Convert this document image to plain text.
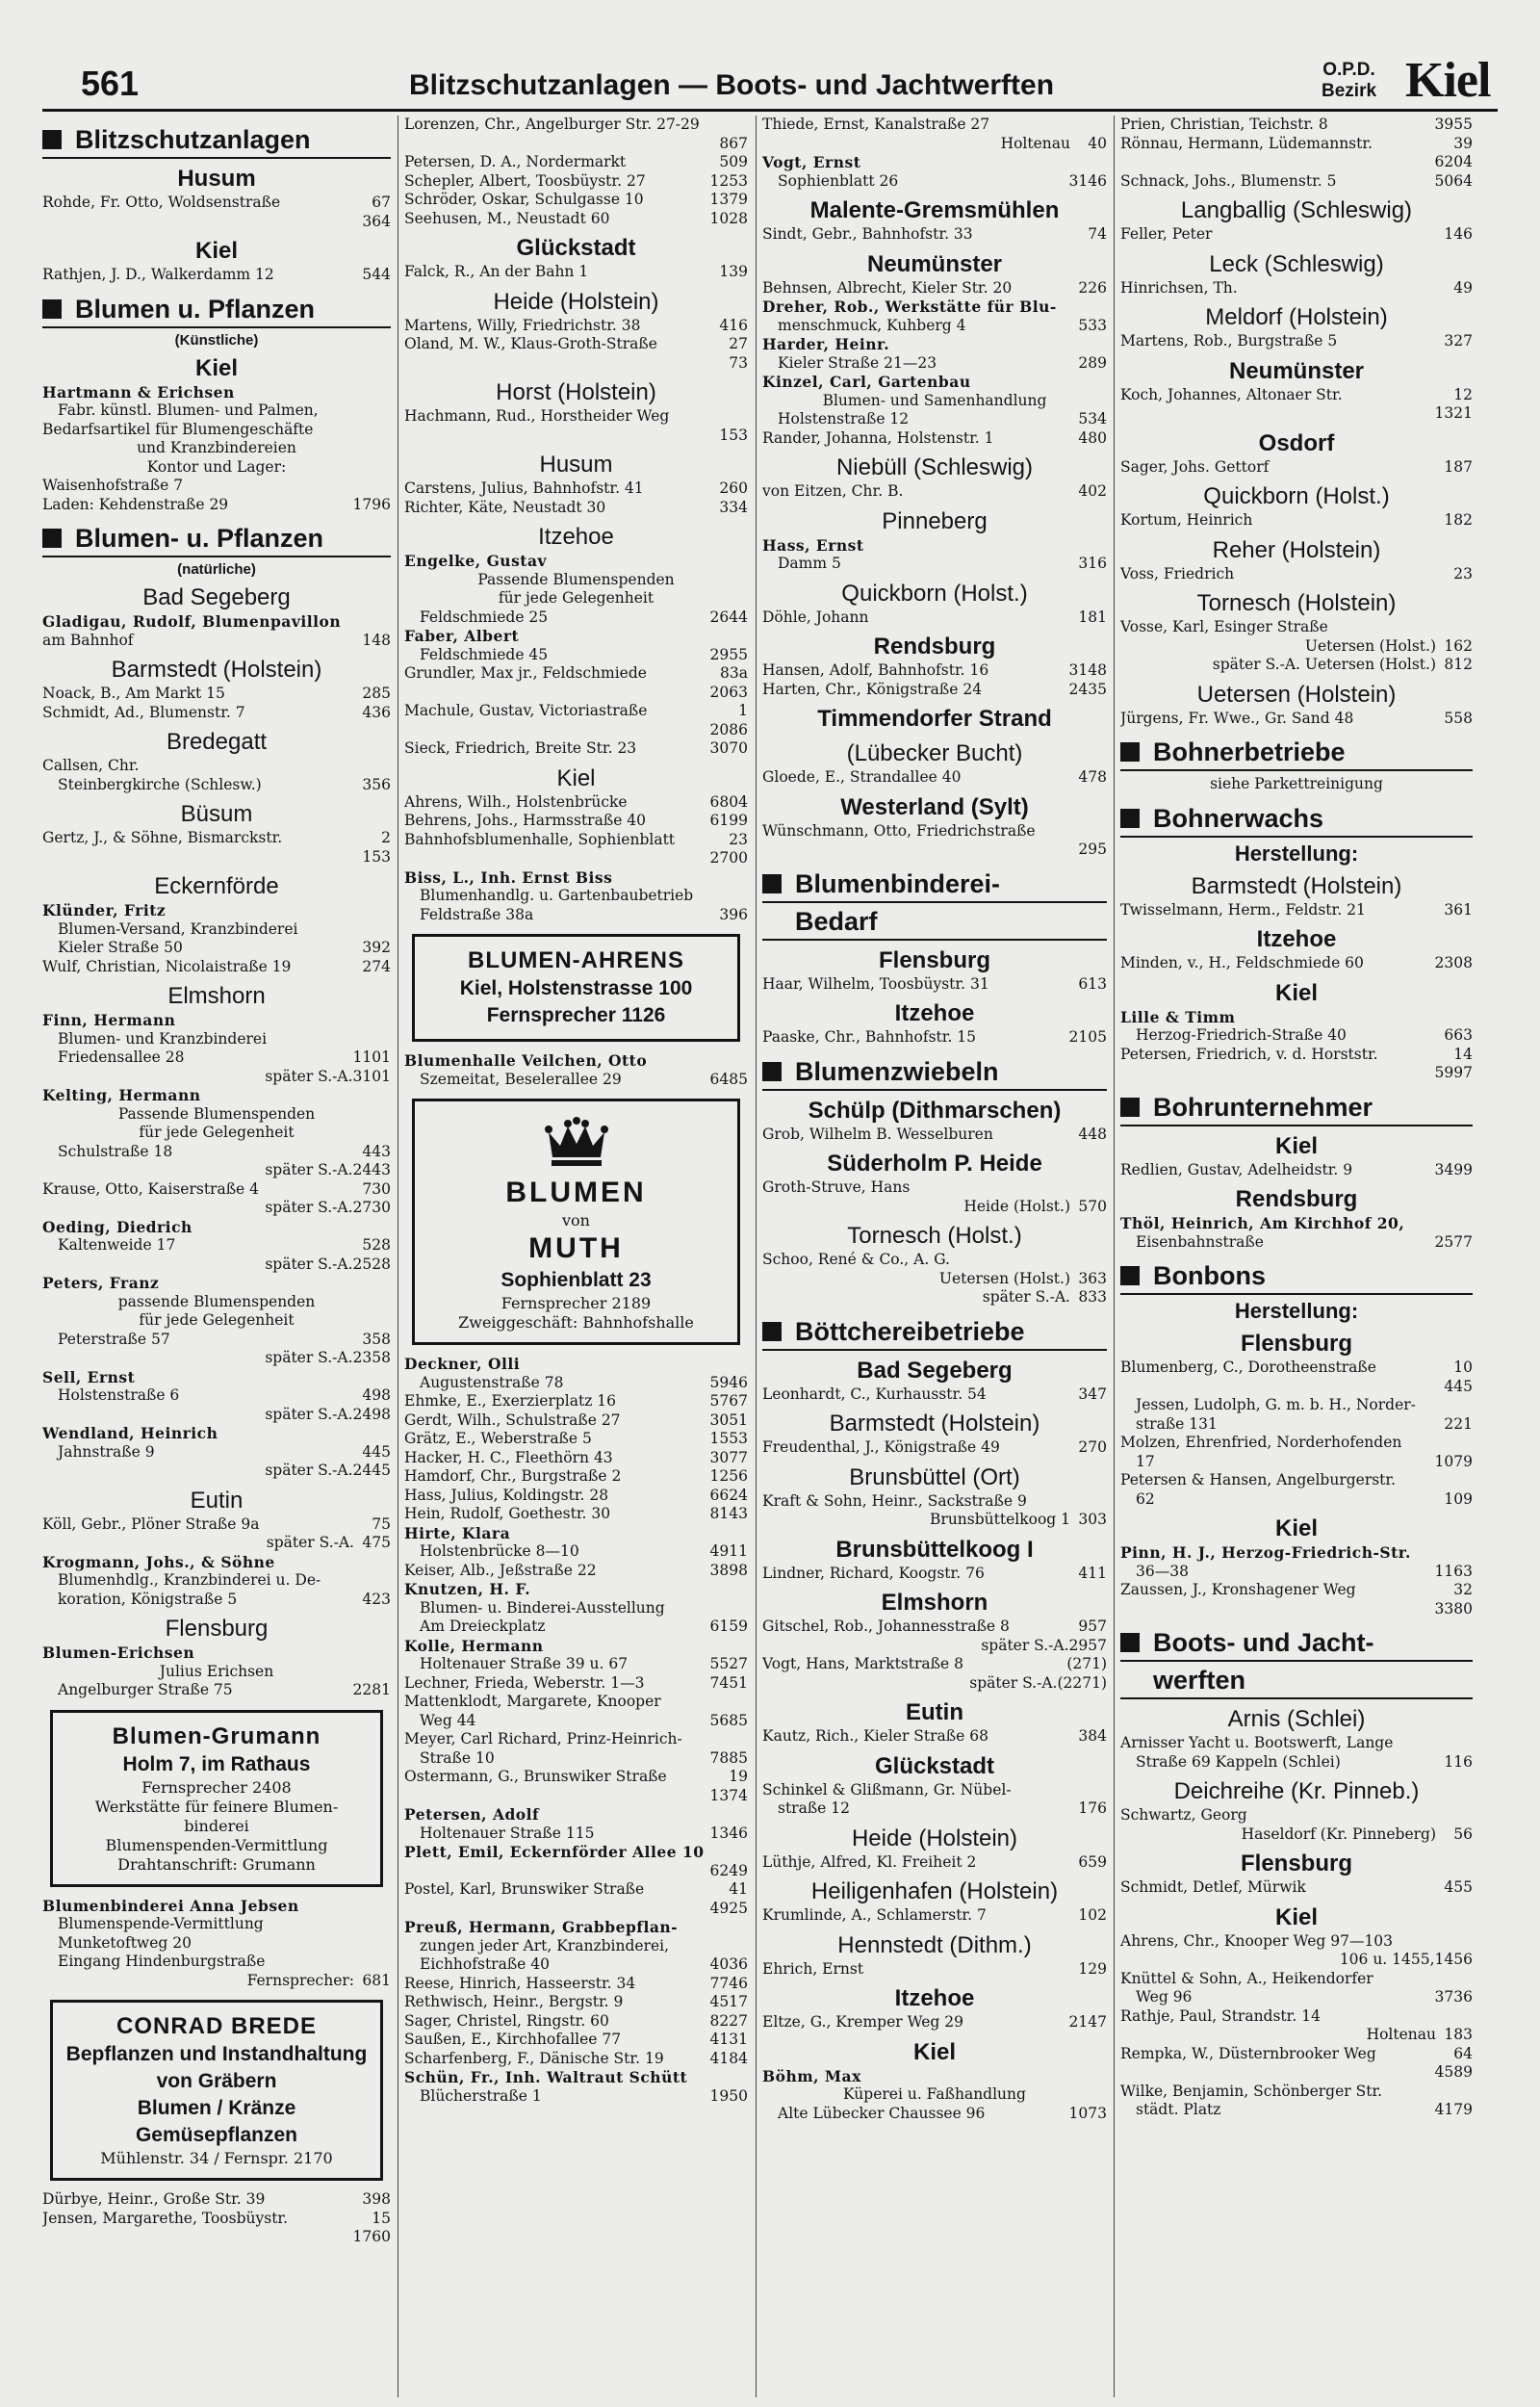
561	Blitzschutzanlagen — Boots- und Jachtwerften	O.P.D.
Bezirk Kiel
Blitzschutzanlagen
Husum
67
Rohde, Fr. Otto, Woldsenstraße
364
Kiel
544
Rathjen, J. D., Walkerdamm 12
Blumen u. Pflanzen
(Künstliche)
Kiel
Hartmann & Erichsen
Fabr. künstl. Blumen- und Palmen,
Bedarfsartikel für Blumengeschäfte
und Kranzbindereien
Kontor und Lager:
Waisenhofstraße 7
1796
Laden: Kehdenstraße 29
Blumen- u. Pflanzen
(natürliche)
Bad Segeberg
Gladigau, Rudolf, Blumenpavillon
148
am Bahnhof
Barmstedt (Holstein)
285
Noack, B., Am Markt 15
436
Schmidt, Ad., Blumenstr. 7
Bredegatt
Callsen, Chr.
356
Steinbergkirche (Schlesw.)
Büsum
2
Gertz, J., & Söhne, Bismarckstr.
153
Eckernförde
Klünder, Fritz
Blumen-Versand, Kranzbinderei
392
Kieler Straße 50
274
Wulf, Christian, Nicolaistraße 19
Elmshorn
Finn, Hermann
Blumen- und Kranzbinderei
1101
Friedensallee 28
3101
später S.-A.
Kelting, Hermann
Passende Blumenspenden
für jede Gelegenheit
443
Schulstraße 18
2443
später S.-A.
730
Krause, Otto, Kaiserstraße 4
2730
später S.-A.
Oeding, Diedrich
528
Kaltenweide 17
2528
später S.-A.
Peters, Franz
passende Blumenspenden
für jede Gelegenheit
358
Peterstraße 57
2358
später S.-A.
Sell, Ernst
498
Holstenstraße 6
2498
später S.-A.
Wendland, Heinrich
445
Jahnstraße 9
2445
später S.-A.
Eutin
75
Köll, Gebr., Plöner Straße 9a
475
später S.-A.
Krogmann, Johs., & Söhne
Blumenhdlg., Kranzbinderei u. De-
423
koration, Königstraße 5
Flensburg
Blumen-Erichsen
Julius Erichsen
2281
Angelburger Straße 75
Blumen-Grumann
Holm 7, im Rathaus
Fernsprecher 2408
Werkstätte für feinere Blumen-
binderei
Blumenspenden-Vermittlung
Drahtanschrift: Grumann
Blumenbinderei Anna Jebsen
Blumenspende-Vermittlung
Munketoftweg 20
Eingang Hindenburgstraße
681
Fernsprecher:
CONRAD BREDE
Bepflanzen und Instandhaltung
von Gräbern
Blumen / Kränze
Gemüsepflanzen
Mühlenstr. 34 / Fernspr. 2170
398
Dürbye, Heinr., Große Str. 39
15
Jensen, Margarethe, Toosbüystr.
1760
Lorenzen, Chr., Angelburger Str. 27-29
867
509
Petersen, D. A., Nordermarkt
1253
Schepler, Albert, Toosbüystr. 27
1379
Schröder, Oskar, Schulgasse 10
1028
Seehusen, M., Neustadt 60
Glückstadt
139
Falck, R., An der Bahn 1
Heide (Holstein)
416
Martens, Willy, Friedrichstr. 38
27
Oland, M. W., Klaus-Groth-Straße
73
Horst (Holstein)
Hachmann, Rud., Horstheider Weg
153
Husum
260
Carstens, Julius, Bahnhofstr. 41
334
Richter, Käte, Neustadt 30
Itzehoe
Engelke, Gustav
Passende Blumenspenden
für jede Gelegenheit
2644
Feldschmiede 25
Faber, Albert
2955
Feldschmiede 45
83a
Grundler, Max jr., Feldschmiede
2063
1
Machule, Gustav, Victoriastraße
2086
3070
Sieck, Friedrich, Breite Str. 23
Kiel
6804
Ahrens, Wilh., Holstenbrücke
6199
Behrens, Johs., Harmsstraße 40
23
Bahnhofsblumenhalle, Sophienblatt
2700
Biss, L., Inh. Ernst Biss
Blumenhandlg. u. Gartenbaubetrieb
396
Feldstraße 38a
BLUMEN-AHRENS
Kiel, Holstenstrasse 100
Fernsprecher 1126
Blumenhalle Veilchen, Otto
6485
Szemeitat, Beselerallee 29
BLUMEN
von
MUTH
Sophienblatt 23
Fernsprecher 2189
Zweiggeschäft: Bahnhofshalle
Deckner, Olli
5946
Augustenstraße 78
5767
Ehmke, E., Exerzierplatz 16
3051
Gerdt, Wilh., Schulstraße 27
1553
Grätz, E., Weberstraße 5
3077
Hacker, H. C., Fleethörn 43
1256
Hamdorf, Chr., Burgstraße 2
6624
Hass, Julius, Koldingstr. 28
8143
Hein, Rudolf, Goethestr. 30
Hirte, Klara
4911
Holstenbrücke 8—10
3898
Keiser, Alb., Jeßstraße 22
Knutzen, H. F.
Blumen- u. Binderei-Ausstellung
6159
Am Dreieckplatz
Kolle, Hermann
5527
Holtenauer Straße 39 u. 67
7451
Lechner, Frieda, Weberstr. 1—3
Mattenklodt, Margarete, Knooper
5685
Weg 44
Meyer, Carl Richard, Prinz-Heinrich-
7885
Straße 10
19
Ostermann, G., Brunswiker Straße
1374
Petersen, Adolf
1346
Holtenauer Straße 115
Plett, Emil, Eckernförder Allee 10
6249
41
Postel, Karl, Brunswiker Straße
4925
Preuß, Hermann, Grabbepflan-
zungen jeder Art, Kranzbinderei,
4036
Eichhofstraße 40
7746
Reese, Hinrich, Hasseerstr. 34
4517
Rethwisch, Heinr., Bergstr. 9
8227
Sager, Christel, Ringstr. 60
4131
Saußen, E., Kirchhofallee 77
4184
Scharfenberg, F., Dänische Str. 19
Schün, Fr., Inh. Waltraut Schütt
1950
Blücherstraße 1
Thiede, Ernst, Kanalstraße 27
40
Holtenau
Vogt, Ernst
3146
Sophienblatt 26
Malente-Gremsmühlen
74
Sindt, Gebr., Bahnhofstr. 33
Neumünster
226
Behnsen, Albrecht, Kieler Str. 20
Dreher, Rob., Werkstätte für Blu-
533
menschmuck, Kuhberg 4
Harder, Heinr.
289
Kieler Straße 21—23
Kinzel, Carl, Gartenbau
Blumen- und Samenhandlung
534
Holstenstraße 12
480
Rander, Johanna, Holstenstr. 1
Niebüll (Schleswig)
402
von Eitzen, Chr. B.
Pinneberg
Hass, Ernst
316
Damm 5
Quickborn (Holst.)
181
Döhle, Johann
Rendsburg
3148
Hansen, Adolf, Bahnhofstr. 16
2435
Harten, Chr., Königstraße 24
Timmendorfer Strand
(Lübecker Bucht)
478
Gloede, E., Strandallee 40
Westerland (Sylt)
Wünschmann, Otto, Friedrichstraße
295
Blumenbinderei-
Bedarf
Flensburg
613
Haar, Wilhelm, Toosbüystr. 31
Itzehoe
2105
Paaske, Chr., Bahnhofstr. 15
Blumenzwiebeln
Schülp (Dithmarschen)
448
Grob, Wilhelm B. Wesselburen
Süderholm P. Heide
Groth-Struve, Hans
570
Heide (Holst.)
Tornesch (Holst.)
Schoo, René & Co., A. G.
363
Uetersen (Holst.)
833
später S.-A.
Böttchereibetriebe
Bad Segeberg
347
Leonhardt, C., Kurhausstr. 54
Barmstedt (Holstein)
270
Freudenthal, J., Königstraße 49
Brunsbüttel (Ort)
Kraft & Sohn, Heinr., Sackstraße 9
303
Brunsbüttelkoog 1
Brunsbüttelkoog I
411
Lindner, Richard, Koogstr. 76
Elmshorn
957
Gitschel, Rob., Johannesstraße 8
2957
später S.-A.
(271)
Vogt, Hans, Marktstraße 8
(2271)
später S.-A.
Eutin
384
Kautz, Rich., Kieler Straße 68
Glückstadt
Schinkel & Glißmann, Gr. Nübel-
176
straße 12
Heide (Holstein)
659
Lüthje, Alfred, Kl. Freiheit 2
Heiligenhafen (Holstein)
102
Krumlinde, A., Schlamerstr. 7
Hennstedt (Dithm.)
129
Ehrich, Ernst
Itzehoe
2147
Eltze, G., Kremper Weg 29
Kiel
Böhm, Max
Küperei u. Faßhandlung
1073
Alte Lübecker Chaussee 96
3955
Prien, Christian, Teichstr. 8
39
Rönnau, Hermann, Lüdemannstr.
6204
5064
Schnack, Johs., Blumenstr. 5
Langballig (Schleswig)
146
Feller, Peter
Leck (Schleswig)
49
Hinrichsen, Th.
Meldorf (Holstein)
327
Martens, Rob., Burgstraße 5
Neumünster
12
Koch, Johannes, Altonaer Str.
1321
Osdorf
187
Sager, Johs. Gettorf
Quickborn (Holst.)
182
Kortum, Heinrich
Reher (Holstein)
23
Voss, Friedrich
Tornesch (Holstein)
Vosse, Karl, Esinger Straße
162
Uetersen (Holst.)
812
später S.-A. Uetersen (Holst.)
Uetersen (Holstein)
558
Jürgens, Fr. Wwe., Gr. Sand 48
Bohnerbetriebe
siehe Parkettreinigung
Bohnerwachs
Herstellung:
Barmstedt (Holstein)
361
Twisselmann, Herm., Feldstr. 21
Itzehoe
2308
Minden, v., H., Feldschmiede 60
Kiel
Lille & Timm
663
Herzog-Friedrich-Straße 40
14
Petersen, Friedrich, v. d. Horststr.
5997
Bohrunternehmer
Kiel
3499
Redlien, Gustav, Adelheidstr. 9
Rendsburg
Thöl, Heinrich, Am Kirchhof 20,
2577
Eisenbahnstraße
Bonbons
Herstellung:
Flensburg
10
Blumenberg, C., Dorotheenstraße
445
Jessen, Ludolph, G. m. b. H., Norder-
221
straße 131
Molzen, Ehrenfried, Norderhofenden
1079
17
Petersen & Hansen, Angelburgerstr.
109
62
Kiel
Pinn, H. J., Herzog-Friedrich-Str.
1163
36—38
32
Zaussen, J., Kronshagener Weg
3380
Boots- und Jacht-
werften
Arnis (Schlei)
Arnisser Yacht u. Bootswerft, Lange
116
Straße 69 Kappeln (Schlei)
Deichreihe (Kr. Pinneb.)
Schwartz, Georg
56
Haseldorf (Kr. Pinneberg)
Flensburg
455
Schmidt, Detlef, Mürwik
Kiel
Ahrens, Chr., Knooper Weg 97—103
1456
106 u. 1455,
Knüttel & Sohn, A., Heikendorfer
3736
Weg 96
Rathje, Paul, Strandstr. 14
183
Holtenau
64
Rempka, W., Düsternbrooker Weg
4589
Wilke, Benjamin, Schönberger Str.
4179
städt. Platz
